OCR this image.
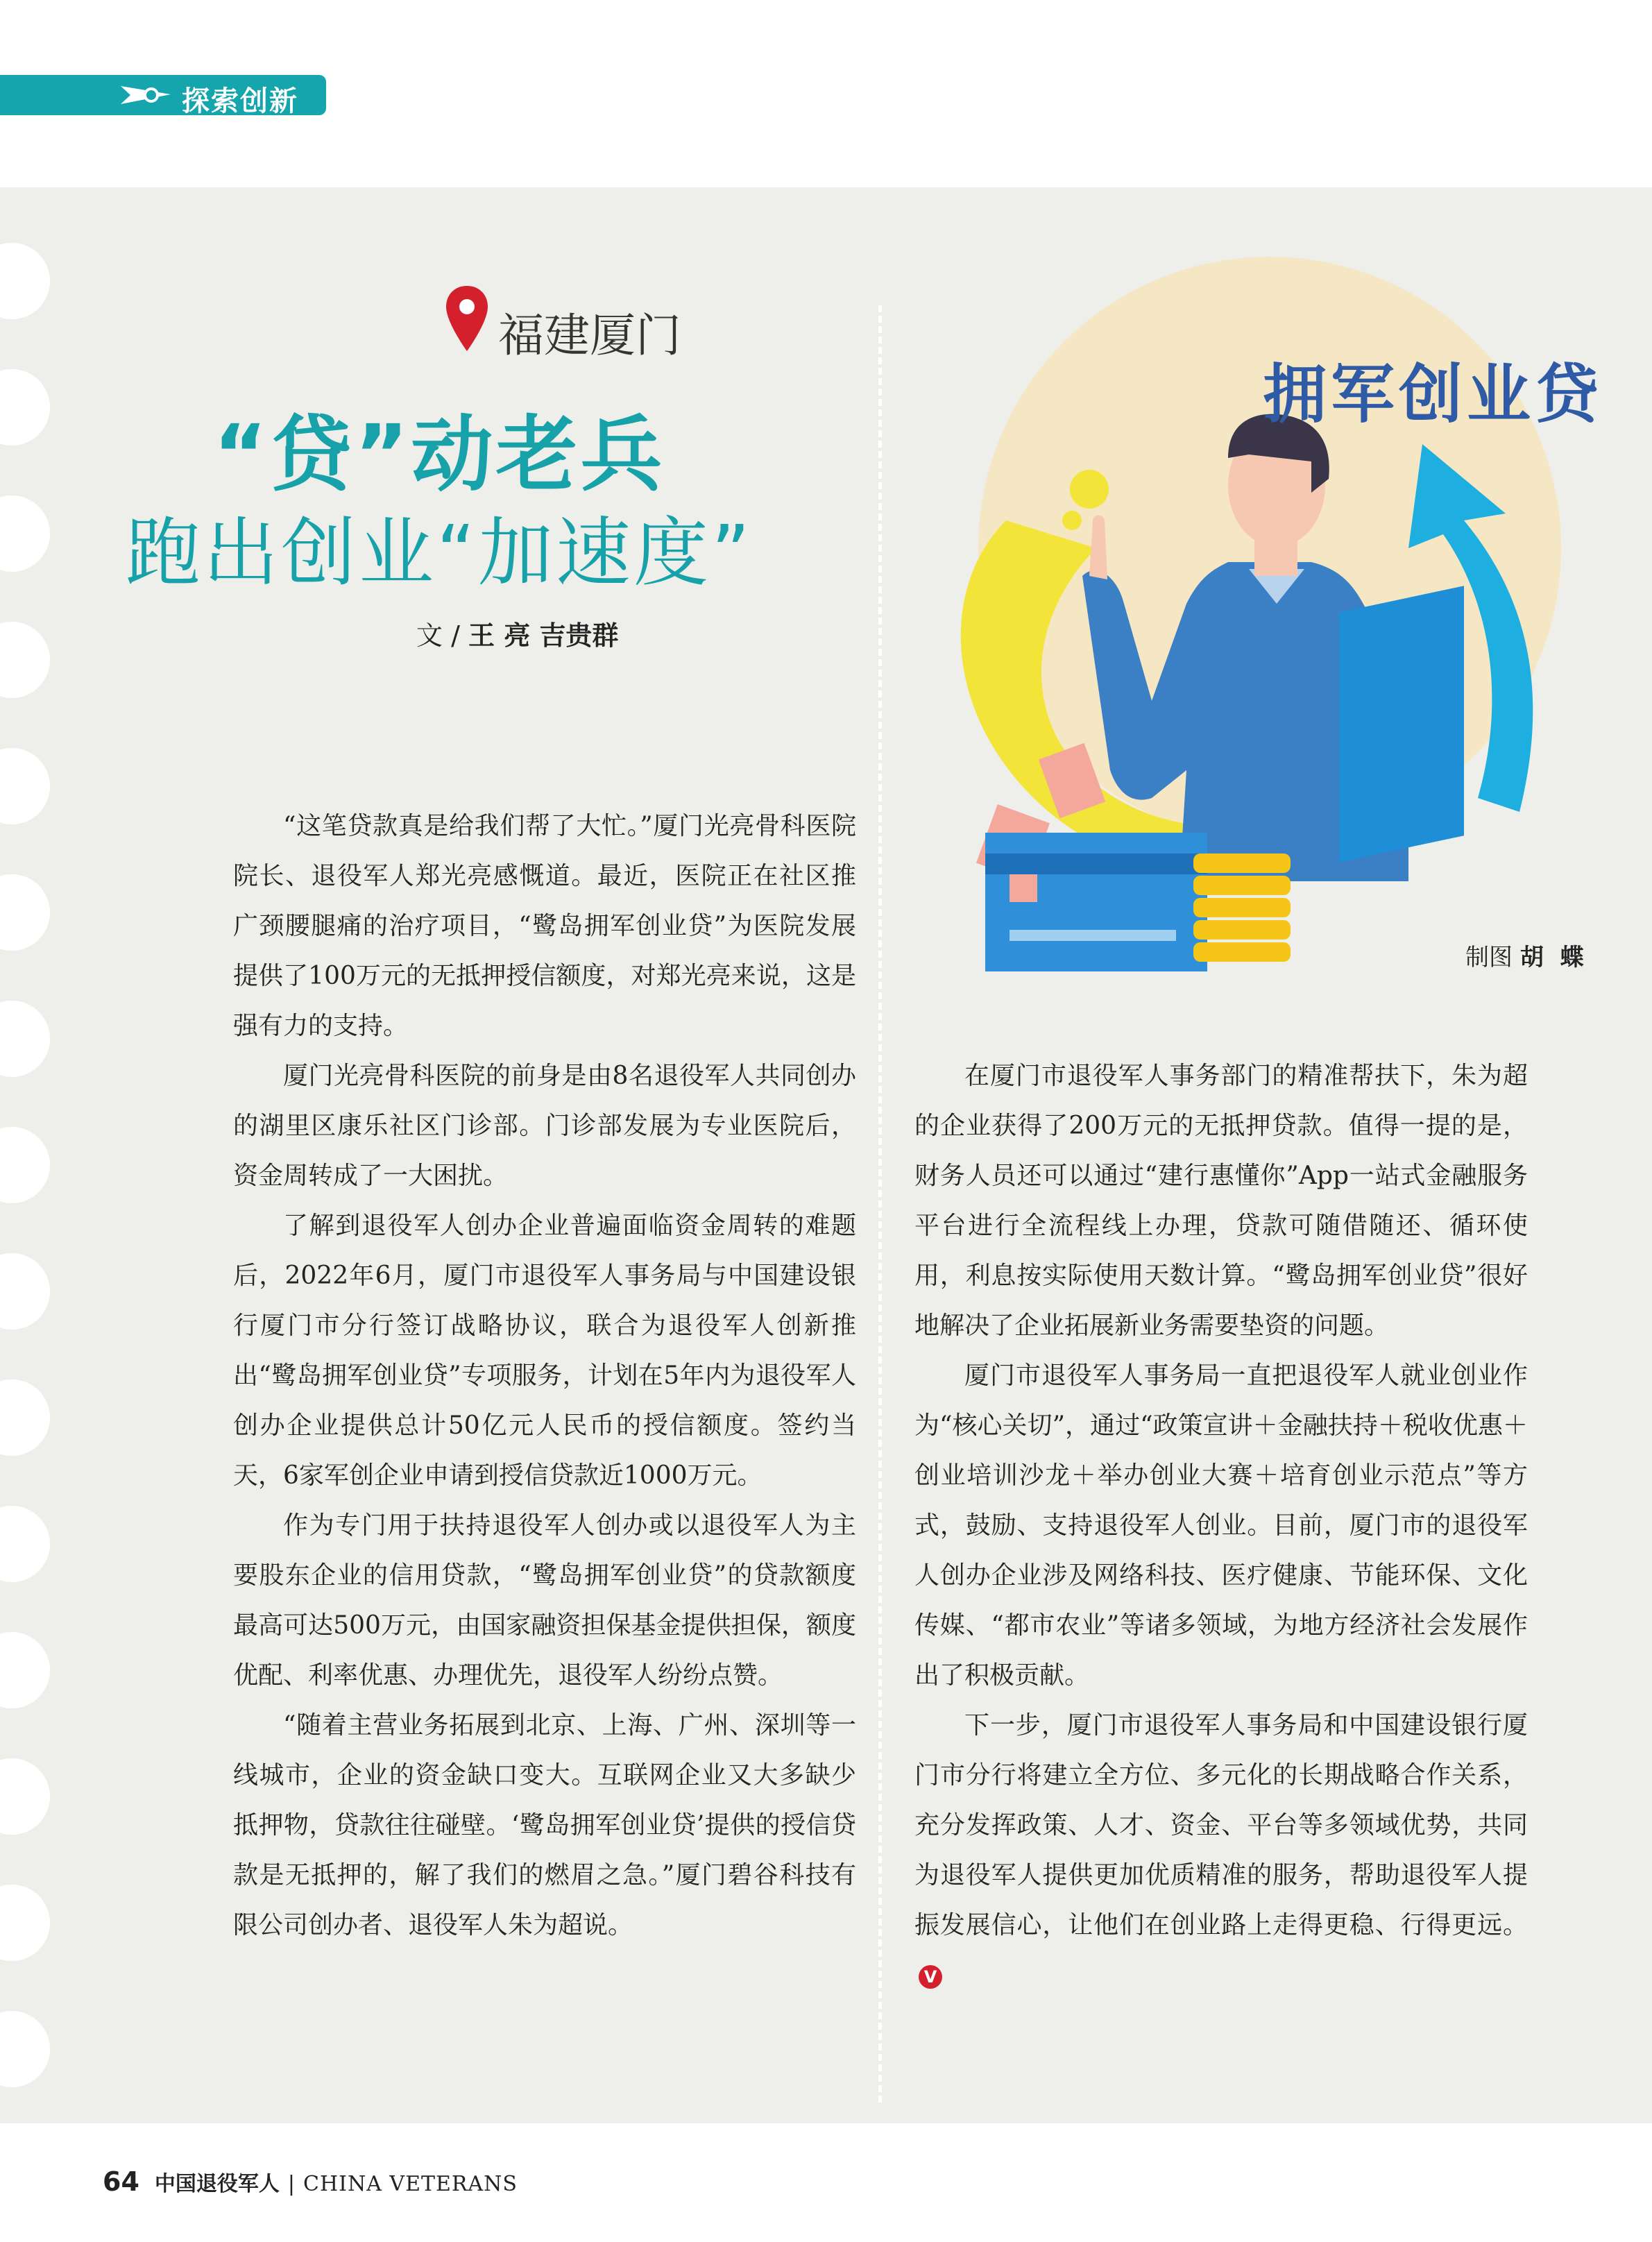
探索创新
福建厦门
“贷”动老兵
跑出创业“加速度”
文 / 王 亮 吉贵群
拥军创业贷
制图 胡 蝶

“这笔贷款真是给我们帮了大忙。”厦门光亮骨科医院院长、退役军人郑光亮感慨道。最近，医院正在社区推广颈腰腿痛的治疗项目，“鹭岛拥军创业贷”为医院发展提供了100万元的无抵押授信额度，对郑光亮来说，这是强有力的支持。

厦门光亮骨科医院的前身是由8名退役军人共同创办的湖里区康乐社区门诊部。门诊部发展为专业医院后，资金周转成了一大困扰。

了解到退役军人创办企业普遍面临资金周转的难题后，2022年6月，厦门市退役军人事务局与中国建设银行厦门市分行签订战略协议，联合为退役军人创新推出“鹭岛拥军创业贷”专项服务，计划在5年内为退役军人创办企业提供总计50亿元人民币的授信额度。签约当天，6家军创企业申请到授信贷款近1000万元。

作为专门用于扶持退役军人创办或以退役军人为主要股东企业的信用贷款，“鹭岛拥军创业贷”的贷款额度最高可达500万元，由国家融资担保基金提供担保，额度优配、利率优惠、办理优先，退役军人纷纷点赞。

“随着主营业务拓展到北京、上海、广州、深圳等一线城市，企业的资金缺口变大。互联网企业又大多缺少抵押物，贷款往往碰壁。‘鹭岛拥军创业贷’提供的授信贷款是无抵押的，解了我们的燃眉之急。”厦门碧谷科技有限公司创办者、退役军人朱为超说。

在厦门市退役军人事务部门的精准帮扶下，朱为超的企业获得了200万元的无抵押贷款。值得一提的是，财务人员还可以通过“建行惠懂你”App一站式金融服务平台进行全流程线上办理，贷款可随借随还、循环使用，利息按实际使用天数计算。“鹭岛拥军创业贷”很好地解决了企业拓展新业务需要垫资的问题。

厦门市退役军人事务局一直把退役军人就业创业作为“核心关切”，通过“政策宣讲＋金融扶持＋税收优惠＋创业培训沙龙＋举办创业大赛＋培育创业示范点”等方式，鼓励、支持退役军人创业。目前，厦门市的退役军人创办企业涉及网络科技、医疗健康、节能环保、文化传媒、“都市农业”等诸多领域，为地方经济社会发展作出了积极贡献。

下一步，厦门市退役军人事务局和中国建设银行厦门市分行将建立全方位、多元化的长期战略合作关系，充分发挥政策、人才、资金、平台等多领域优势，共同为退役军人提供更加优质精准的服务，帮助退役军人提振发展信心，让他们在创业路上走得更稳、行得更远。V

64 中国退役军人 | CHINA VETERANS
